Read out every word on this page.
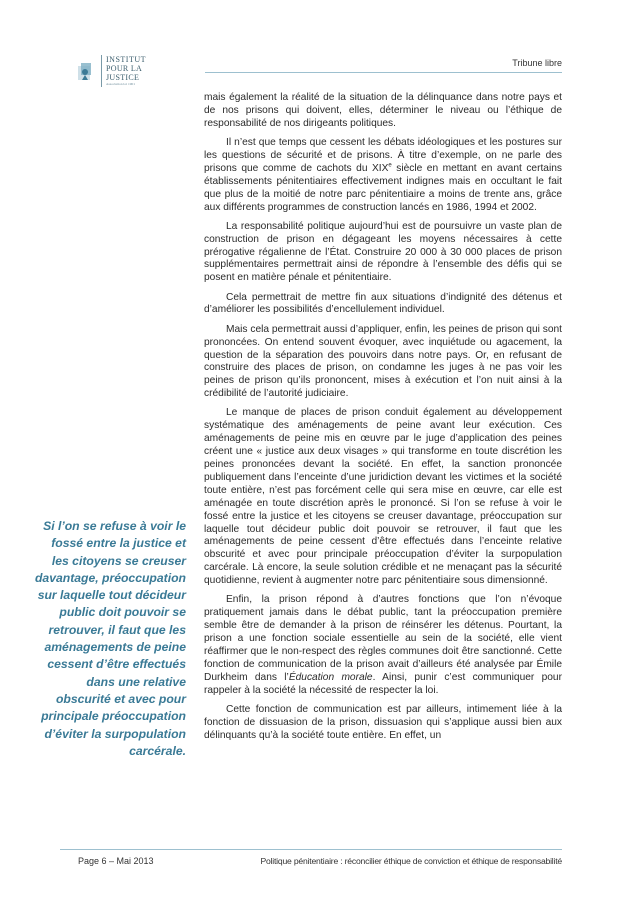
INSTITUT
POUR LA JUSTICE
Association loi 1901
Tribune libre

mais également la réalité de la situation de la délinquance dans notre pays et de nos prisons qui doivent, elles, déterminer le niveau ou l’éthique de responsabilité de nos dirigeants politiques.

Il n’est que temps que cessent les débats idéologiques et les postures sur les questions de sécurité et de prisons. À titre d’exemple, on ne parle des prisons que comme de cachots du XIXe siècle en mettant en avant certains établissements pénitentiaires effectivement indignes mais en occultant le fait que plus de la moitié de notre parc pénitentiaire a moins de trente ans, grâce aux différents programmes de construction lancés en 1986, 1994 et 2002.

La responsabilité politique aujourd’hui est de poursuivre un vaste plan de construction de prison en dégageant les moyens nécessaires à cette prérogative régalienne de l’État. Construire 20 000 à 30 000 places de prison supplémentaires permettrait ainsi de répondre à l’ensemble des défis qui se posent en matière pénale et pénitentiaire.

Cela permettrait de mettre fin aux situations d’indignité des détenus et d’améliorer les possibilités d’encellulement individuel.

Mais cela permettrait aussi d’appliquer, enfin, les peines de prison qui sont prononcées. On entend souvent évoquer, avec inquiétude ou agacement, la question de la séparation des pouvoirs dans notre pays. Or, en refusant de construire des places de prison, on condamne les juges à ne pas voir les peines de prison qu’ils prononcent, mises à exécution et l’on nuit ainsi à la crédibilité de l’autorité judiciaire.

Le manque de places de prison conduit également au développement systématique des aménagements de peine avant leur exécution. Ces aménagements de peine mis en œuvre par le juge d’application des peines créent une « justice aux deux visages » qui transforme en toute discrétion les peines prononcées devant la société. En effet, la sanction prononcée publiquement dans l’enceinte d’une juridiction devant les victimes et la société toute entière, n’est pas forcément celle qui sera mise en œuvre, car elle est aménagée en toute discrétion après le prononcé. Si l’on se refuse à voir le fossé entre la justice et les citoyens se creuser davantage, préoccupation sur laquelle tout décideur public doit pouvoir se retrouver, il faut que les aménagements de peine cessent d’être effectués dans l’enceinte relative obscurité et avec pour principale préoccupation d’éviter la surpopulation carcérale. Là encore, la seule solution crédible et ne menaçant pas la sécurité quotidienne, revient à augmenter notre parc pénitentiaire sous dimensionné.

Enfin, la prison répond à d’autres fonctions que l’on n’évoque pratiquement jamais dans le débat public, tant la préoccupation première semble être de demander à la prison de réinsérer les détenus. Pourtant, la prison a une fonction sociale essentielle au sein de la société, elle vient réaffirmer que le non-respect des règles communes doit être sanctionné. Cette fonction de communication de la prison avait d’ailleurs été analysée par Émile Durkheim dans l’Éducation morale. Ainsi, punir c’est communiquer pour rappeler à la société la nécessité de respecter la loi.

Cette fonction de communication est par ailleurs, intimement liée à la fonction de dissuasion de la prison, dissuasion qui s’applique aussi bien aux délinquants qu’à la société toute entière. En effet, un

Si l’on se refuse à voir le fossé entre la justice et les citoyens se creuser davantage, préoccupation sur laquelle tout décideur public doit pouvoir se retrouver, il faut que les aménagements de peine cessent d’être effectués dans une relative obscurité et avec pour principale préoccupation d’éviter la surpopulation carcérale.
Page 6 – Mai 2013	Politique pénitentiaire : réconcilier éthique de conviction et éthique de responsabilité
